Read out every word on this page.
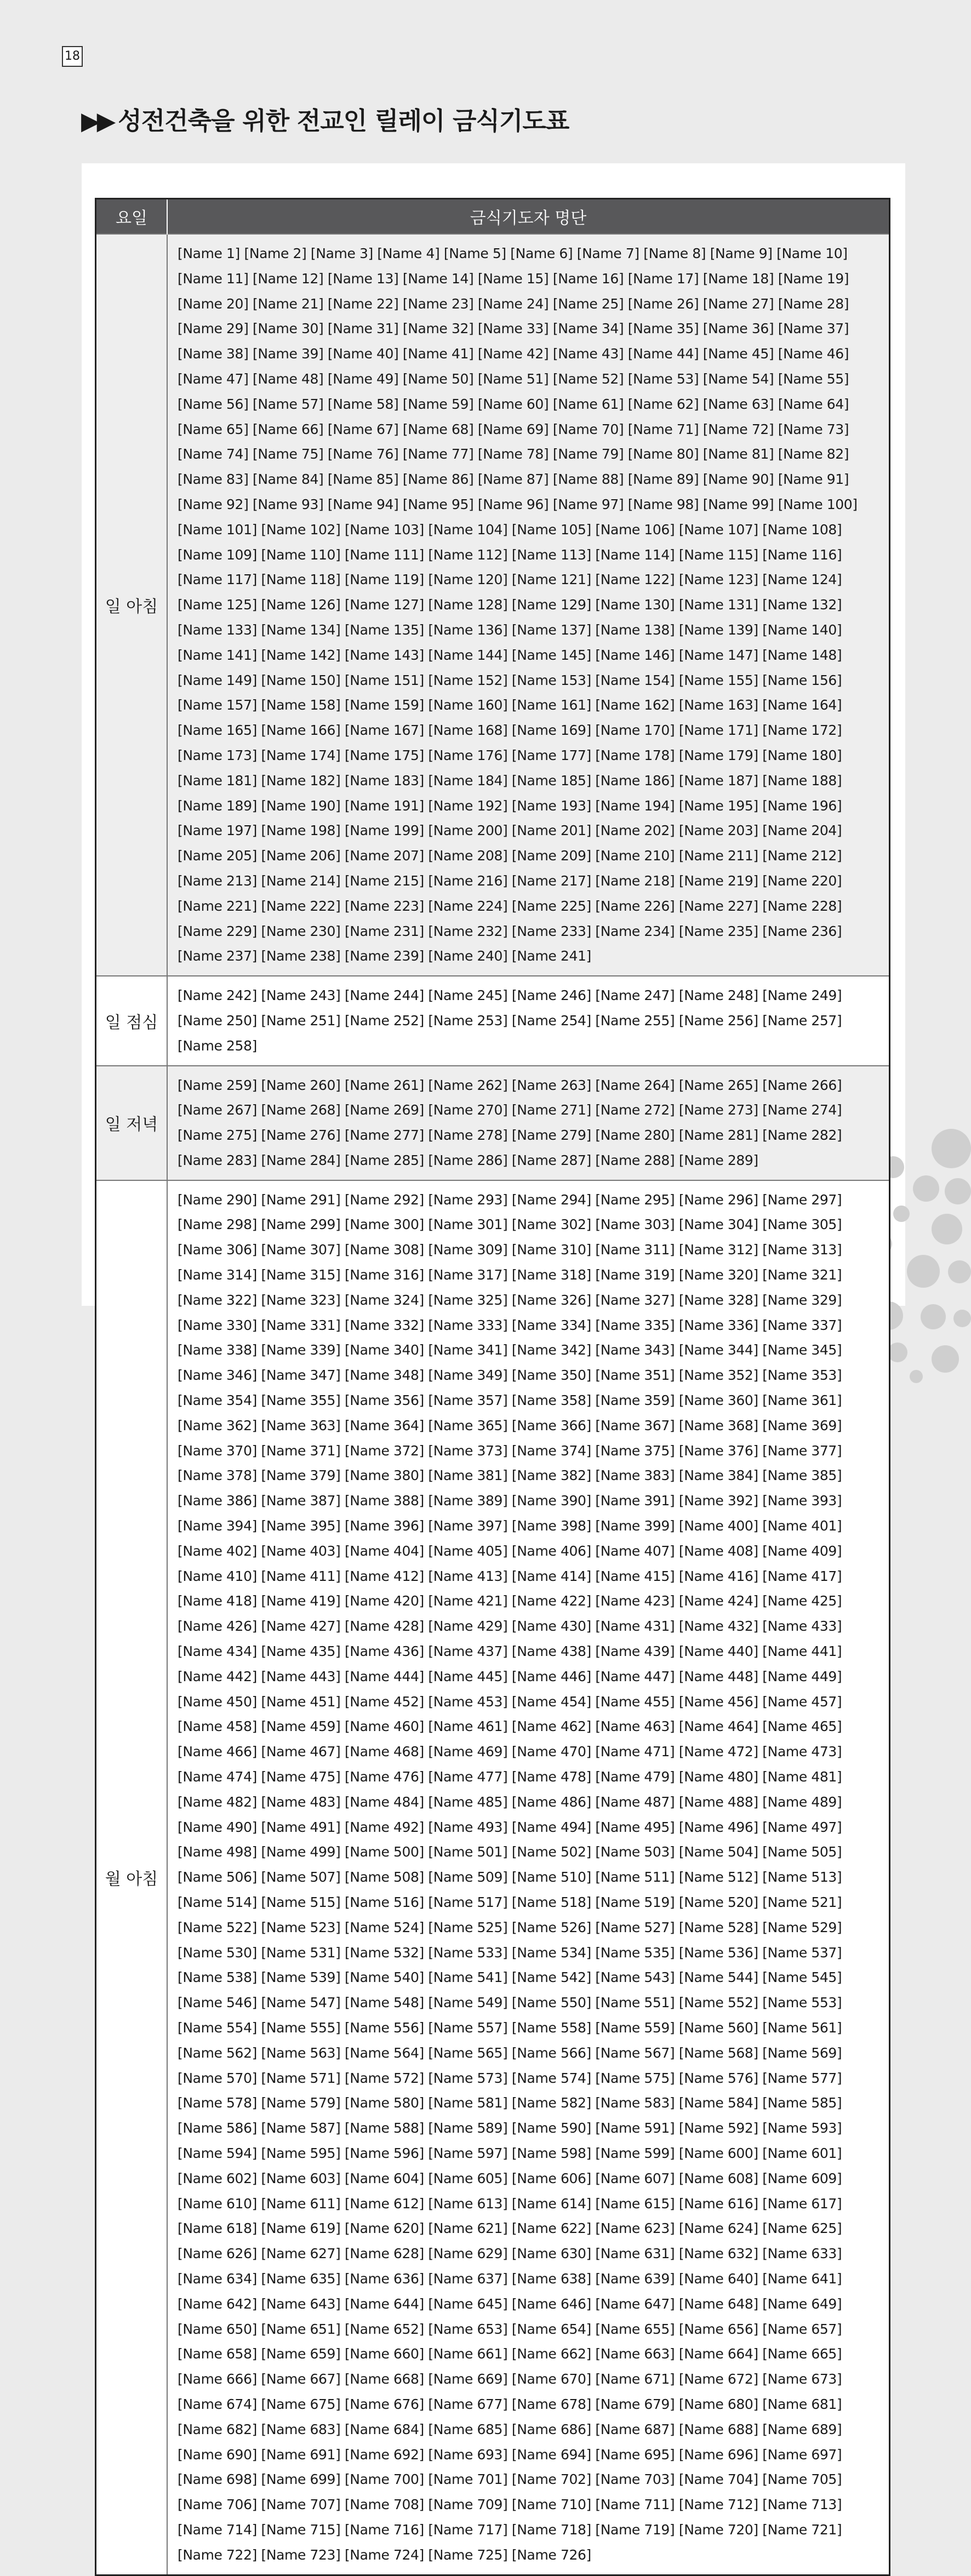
18
▶▶ 성전건축을 위한 전교인 릴레이 금식기도표
요일	금식기도자 명단
일 아침	[Name 1] [Name 2] [Name 3] [Name 4] [Name 5] [Name 6] [Name 7] [Name 8] [Name 9] [Name 10] [Name 11] [Name 12] [Name 13] [Name 14] [Name 15] [Name 16] [Name 17] [Name 18] [Name 19] [Name 20] [Name 21] [Name 22] [Name 23] [Name 24] [Name 25] [Name 26] [Name 27] [Name 28] [Name 29] [Name 30] [Name 31] [Name 32] [Name 33] [Name 34] [Name 35] [Name 36] [Name 37] [Name 38] [Name 39] [Name 40] [Name 41] [Name 42] [Name 43] [Name 44] [Name 45] [Name 46] [Name 47] [Name 48] [Name 49] [Name 50] [Name 51] [Name 52] [Name 53] [Name 54] [Name 55] [Name 56] [Name 57] [Name 58] [Name 59] [Name 60] [Name 61] [Name 62] [Name 63] [Name 64] [Name 65] [Name 66] [Name 67] [Name 68] [Name 69] [Name 70] [Name 71] [Name 72] [Name 73] [Name 74] [Name 75] [Name 76] [Name 77] [Name 78] [Name 79] [Name 80] [Name 81] [Name 82] [Name 83] [Name 84] [Name 85] [Name 86] [Name 87] [Name 88] [Name 89] [Name 90] [Name 91] [Name 92] [Name 93] [Name 94] [Name 95] [Name 96] [Name 97] [Name 98] [Name 99] [Name 100] [Name 101] [Name 102] [Name 103] [Name 104] [Name 105] [Name 106] [Name 107] [Name 108] [Name 109] [Name 110] [Name 111] [Name 112] [Name 113] [Name 114] [Name 115] [Name 116] [Name 117] [Name 118] [Name 119] [Name 120] [Name 121] [Name 122] [Name 123] [Name 124] [Name 125] [Name 126] [Name 127] [Name 128] [Name 129] [Name 130] [Name 131] [Name 132] [Name 133] [Name 134] [Name 135] [Name 136] [Name 137] [Name 138] [Name 139] [Name 140] [Name 141] [Name 142] [Name 143] [Name 144] [Name 145] [Name 146] [Name 147] [Name 148] [Name 149] [Name 150] [Name 151] [Name 152] [Name 153] [Name 154] [Name 155] [Name 156] [Name 157] [Name 158] [Name 159] [Name 160] [Name 161] [Name 162] [Name 163] [Name 164] [Name 165] [Name 166] [Name 167] [Name 168] [Name 169] [Name 170] [Name 171] [Name 172] [Name 173] [Name 174] [Name 175] [Name 176] [Name 177] [Name 178] [Name 179] [Name 180] [Name 181] [Name 182] [Name 183] [Name 184] [Name 185] [Name 186] [Name 187] [Name 188] [Name 189] [Name 190] [Name 191] [Name 192] [Name 193] [Name 194] [Name 195] [Name 196] [Name 197] [Name 198] [Name 199] [Name 200] [Name 201] [Name 202] [Name 203] [Name 204] [Name 205] [Name 206] [Name 207] [Name 208] [Name 209] [Name 210] [Name 211] [Name 212] [Name 213] [Name 214] [Name 215] [Name 216] [Name 217] [Name 218] [Name 219] [Name 220] [Name 221] [Name 222] [Name 223] [Name 224] [Name 225] [Name 226] [Name 227] [Name 228] [Name 229] [Name 230] [Name 231] [Name 232] [Name 233] [Name 234] [Name 235] [Name 236] [Name 237] [Name 238] [Name 239] [Name 240] [Name 241]
일 점심	[Name 242] [Name 243] [Name 244] [Name 245] [Name 246] [Name 247] [Name 248] [Name 249] [Name 250] [Name 251] [Name 252] [Name 253] [Name 254] [Name 255] [Name 256] [Name 257] [Name 258]
일 저녁	[Name 259] [Name 260] [Name 261] [Name 262] [Name 263] [Name 264] [Name 265] [Name 266] [Name 267] [Name 268] [Name 269] [Name 270] [Name 271] [Name 272] [Name 273] [Name 274] [Name 275] [Name 276] [Name 277] [Name 278] [Name 279] [Name 280] [Name 281] [Name 282] [Name 283] [Name 284] [Name 285] [Name 286] [Name 287] [Name 288] [Name 289]
월 아침	[Name 290] [Name 291] [Name 292] [Name 293] [Name 294] [Name 295] [Name 296] [Name 297] [Name 298] [Name 299] [Name 300] [Name 301] [Name 302] [Name 303] [Name 304] [Name 305] [Name 306] [Name 307] [Name 308] [Name 309] [Name 310] [Name 311] [Name 312] [Name 313] [Name 314] [Name 315] [Name 316] [Name 317] [Name 318] [Name 319] [Name 320] [Name 321] [Name 322] [Name 323] [Name 324] [Name 325] [Name 326] [Name 327] [Name 328] [Name 329] [Name 330] [Name 331] [Name 332] [Name 333] [Name 334] [Name 335] [Name 336] [Name 337] [Name 338] [Name 339] [Name 340] [Name 341] [Name 342] [Name 343] [Name 344] [Name 345] [Name 346] [Name 347] [Name 348] [Name 349] [Name 350] [Name 351] [Name 352] [Name 353] [Name 354] [Name 355] [Name 356] [Name 357] [Name 358] [Name 359] [Name 360] [Name 361] [Name 362] [Name 363] [Name 364] [Name 365] [Name 366] [Name 367] [Name 368] [Name 369] [Name 370] [Name 371] [Name 372] [Name 373] [Name 374] [Name 375] [Name 376] [Name 377] [Name 378] [Name 379] [Name 380] [Name 381] [Name 382] [Name 383] [Name 384] [Name 385] [Name 386] [Name 387] [Name 388] [Name 389] [Name 390] [Name 391] [Name 392] [Name 393] [Name 394] [Name 395] [Name 396] [Name 397] [Name 398] [Name 399] [Name 400] [Name 401] [Name 402] [Name 403] [Name 404] [Name 405] [Name 406] [Name 407] [Name 408] [Name 409] [Name 410] [Name 411] [Name 412] [Name 413] [Name 414] [Name 415] [Name 416] [Name 417] [Name 418] [Name 419] [Name 420] [Name 421] [Name 422] [Name 423] [Name 424] [Name 425] [Name 426] [Name 427] [Name 428] [Name 429] [Name 430] [Name 431] [Name 432] [Name 433] [Name 434] [Name 435] [Name 436] [Name 437] [Name 438] [Name 439] [Name 440] [Name 441] [Name 442] [Name 443] [Name 444] [Name 445] [Name 446] [Name 447] [Name 448] [Name 449] [Name 450] [Name 451] [Name 452] [Name 453] [Name 454] [Name 455] [Name 456] [Name 457] [Name 458] [Name 459] [Name 460] [Name 461] [Name 462] [Name 463] [Name 464] [Name 465] [Name 466] [Name 467] [Name 468] [Name 469] [Name 470] [Name 471] [Name 472] [Name 473] [Name 474] [Name 475] [Name 476] [Name 477] [Name 478] [Name 479] [Name 480] [Name 481] [Name 482] [Name 483] [Name 484] [Name 485] [Name 486] [Name 487] [Name 488] [Name 489] [Name 490] [Name 491] [Name 492] [Name 493] [Name 494] [Name 495] [Name 496] [Name 497] [Name 498] [Name 499] [Name 500] [Name 501] [Name 502] [Name 503] [Name 504] [Name 505] [Name 506] [Name 507] [Name 508] [Name 509] [Name 510] [Name 511] [Name 512] [Name 513] [Name 514] [Name 515] [Name 516] [Name 517] [Name 518] [Name 519] [Name 520] [Name 521] [Name 522] [Name 523] [Name 524] [Name 525] [Name 526] [Name 527] [Name 528] [Name 529] [Name 530] [Name 531] [Name 532] [Name 533] [Name 534] [Name 535] [Name 536] [Name 537] [Name 538] [Name 539] [Name 540] [Name 541] [Name 542] [Name 543] [Name 544] [Name 545] [Name 546] [Name 547] [Name 548] [Name 549] [Name 550] [Name 551] [Name 552] [Name 553] [Name 554] [Name 555] [Name 556] [Name 557] [Name 558] [Name 559] [Name 560] [Name 561] [Name 562] [Name 563] [Name 564] [Name 565] [Name 566] [Name 567] [Name 568] [Name 569] [Name 570] [Name 571] [Name 572] [Name 573] [Name 574] [Name 575] [Name 576] [Name 577] [Name 578] [Name 579] [Name 580] [Name 581] [Name 582] [Name 583] [Name 584] [Name 585] [Name 586] [Name 587] [Name 588] [Name 589] [Name 590] [Name 591] [Name 592] [Name 593] [Name 594] [Name 595] [Name 596] [Name 597] [Name 598] [Name 599] [Name 600] [Name 601] [Name 602] [Name 603] [Name 604] [Name 605] [Name 606] [Name 607] [Name 608] [Name 609] [Name 610] [Name 611] [Name 612] [Name 613] [Name 614] [Name 615] [Name 616] [Name 617] [Name 618] [Name 619] [Name 620] [Name 621] [Name 622] [Name 623] [Name 624] [Name 625] [Name 626] [Name 627] [Name 628] [Name 629] [Name 630] [Name 631] [Name 632] [Name 633] [Name 634] [Name 635] [Name 636] [Name 637] [Name 638] [Name 639] [Name 640] [Name 641] [Name 642] [Name 643] [Name 644] [Name 645] [Name 646] [Name 647] [Name 648] [Name 649] [Name 650] [Name 651] [Name 652] [Name 653] [Name 654] [Name 655] [Name 656] [Name 657] [Name 658] [Name 659] [Name 660] [Name 661] [Name 662] [Name 663] [Name 664] [Name 665] [Name 666] [Name 667] [Name 668] [Name 669] [Name 670] [Name 671] [Name 672] [Name 673] [Name 674] [Name 675] [Name 676] [Name 677] [Name 678] [Name 679] [Name 680] [Name 681] [Name 682] [Name 683] [Name 684] [Name 685] [Name 686] [Name 687] [Name 688] [Name 689] [Name 690] [Name 691] [Name 692] [Name 693] [Name 694] [Name 695] [Name 696] [Name 697] [Name 698] [Name 699] [Name 700] [Name 701] [Name 702] [Name 703] [Name 704] [Name 705] [Name 706] [Name 707] [Name 708] [Name 709] [Name 710] [Name 711] [Name 712] [Name 713] [Name 714] [Name 715] [Name 716] [Name 717] [Name 718] [Name 719] [Name 720] [Name 721] [Name 722] [Name 723] [Name 724] [Name 725] [Name 726]
